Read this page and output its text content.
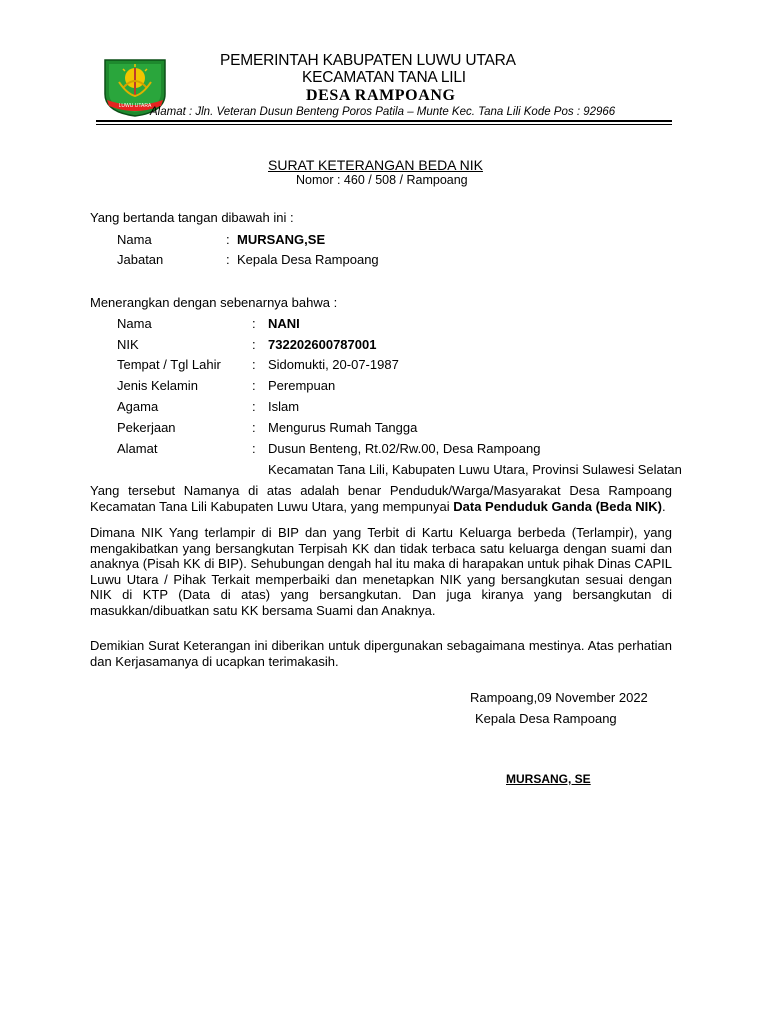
LUWU UTARA
PEMERINTAH KABUPATEN LUWU UTARA
KECAMATAN TANA LILI
DESA RAMPOANG
Alamat : Jln. Veteran Dusun Benteng Poros Patila – Munte Kec. Tana Lili Kode Pos : 92966
SURAT KETERANGAN BEDA NIK
Nomor : 460 / 508 / Rampoang
Yang bertanda tangan dibawah ini :
Nama	: MURSANG,SE
Jabatan	: Kepala Desa Rampoang
Menerangkan dengan sebenarnya bahwa :
Nama	: NANI
NIK	: 732202600787001
Tempat / Tgl Lahir : Sidomukti, 20-07-1987
Jenis Kelamin	: Perempuan
Agama	: Islam
Pekerjaan	: Mengurus Rumah Tangga
Alamat	: Dusun Benteng, Rt.02/Rw.00, Desa Rampoang
Kecamatan Tana Lili, Kabupaten Luwu Utara, Provinsi Sulawesi Selatan
Yang tersebut Namanya di atas adalah benar Penduduk/Warga/Masyarakat Desa Rampoang Kecamatan Tana Lili Kabupaten Luwu Utara, yang mempunyai Data Penduduk Ganda (Beda NIK).
Dimana NIK Yang terlampir di BIP dan yang Terbit di Kartu Keluarga berbeda (Terlampir), yang mengakibatkan yang bersangkutan Terpisah KK dan tidak terbaca satu keluarga dengan suami dan anaknya (Pisah KK di BIP). Sehubungan dengah hal itu maka di harapakan untuk pihak Dinas CAPIL Luwu Utara / Pihak Terkait memperbaiki dan menetapkan NIK yang bersangkutan sesuai dengan NIK di KTP (Data di atas) yang bersangkutan. Dan juga kiranya yang bersangkutan di masukkan/dibuatkan satu KK bersama Suami dan Anaknya.
Demikian Surat Keterangan ini diberikan untuk dipergunakan sebagaimana mestinya. Atas perhatian dan Kerjasamanya di ucapkan terimakasih.
Rampoang,09 November 2022
Kepala Desa Rampoang
MURSANG, SE
